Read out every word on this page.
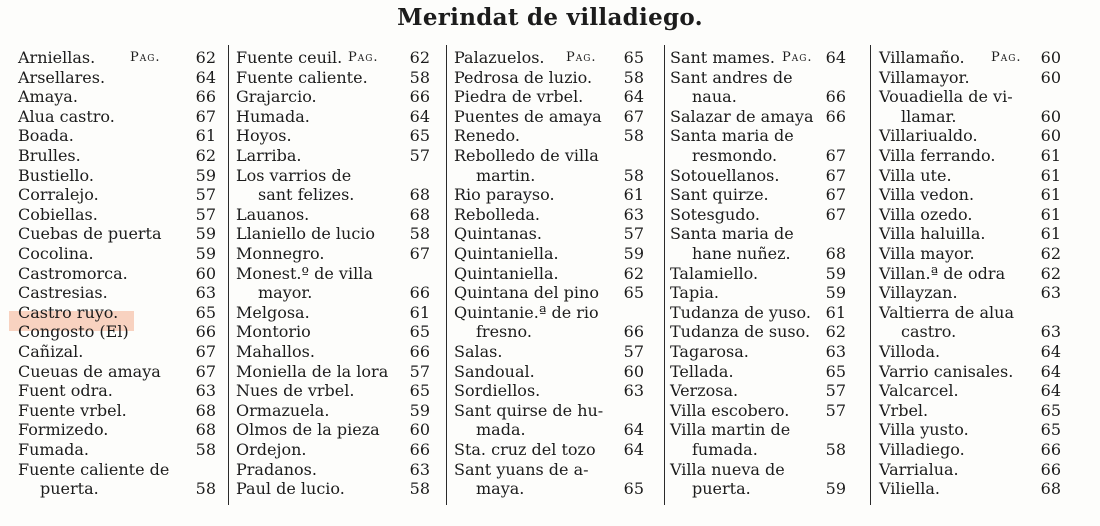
Merindat de villadiego.
Arniellas.	Pag.	62
Arsellares.	64
Amaya.	66
Alua castro.	67
Boada.	61
Brulles.	62
Bustiello.	59
Corralejo.	57
Cobiellas.	57
Cuebas de puerta	59
Cocolina.	59
Castromorca.	60
Castresias.	63
Castro ruyo.	65
Congosto (El)	66
Cañizal.	67
Cueuas de amaya	67
Fuent odra.	63
Fuente vrbel.	68
Formizedo.	68
Fumada.	58
Fuente caliente de
puerta.	58
Fuente ceuil. Pag.	62
Fuente caliente.	58
Grajarcio.	66
Humada.	64
Hoyos.	65
Larriba.	57
Los varrios de
sant felizes.	68
Lauanos.	68
Llaniello de lucio	58
Monnegro.	67
Monest.º de villa
mayor.	66
Melgosa.	61
Montorio	65
Mahallos.	66
Moniella de la lora	57
Nues de vrbel.	65
Ormazuela.	59
Olmos de la pieza	60
Ordejon.	66
Pradanos.	63
Paul de lucio.	58
Palazuelos. Pag.	65
Pedrosa de luzio.	58
Piedra de vrbel.	64
Puentes de amaya	67
Renedo.	58
Rebolledo de villa
martin.	58
Rio parayso.	61
Rebolleda.	63
Quintanas.	57
Quintaniella.	59
Quintaniella.	62
Quintana del pino	65
Quintanie.ª de rio
fresno.	66
Salas.	57
Sandoual.	60
Sordiellos.	63
Sant quirse de hu-
mada.	64
Sta. cruz del tozo	64
Sant yuans de a-
maya.	65
Sant mames. Pag. 64
Sant andres de
naua.	66
Salazar de amaya 66
Santa maria de
resmondo.	67
Sotouellanos.	67
Sant quirze.	67
Sotesgudo.	67
Santa maria de
hane nuñez.	68
Talamiello.	59
Tapia.	59
Tudanza de yuso. 61
Tudanza de suso. 62
Tagarosa.	63
Tellada.	65
Verzosa.	57
Villa escobero.	57
Villa martin de
fumada.	58
Villa nueva de
puerta.	59
Villamaño. Pag.	60
Villamayor.	60
Vouadiella de vi-
llamar.	60
Villariualdo.	60
Villa ferrando.	61
Villa ute.	61
Villa vedon.	61
Villa ozedo.	61
Villa haluilla.	61
Villa mayor.	62
Villan.ª de odra	62
Villayzan.	63
Valtierra de alua
castro.	63
Villoda.	64
Varrio canisales.	64
Valcarcel.	64
Vrbel.	65
Villa yusto.	65
Villadiego.	66
Varrialua.	66
Viliella.	68
